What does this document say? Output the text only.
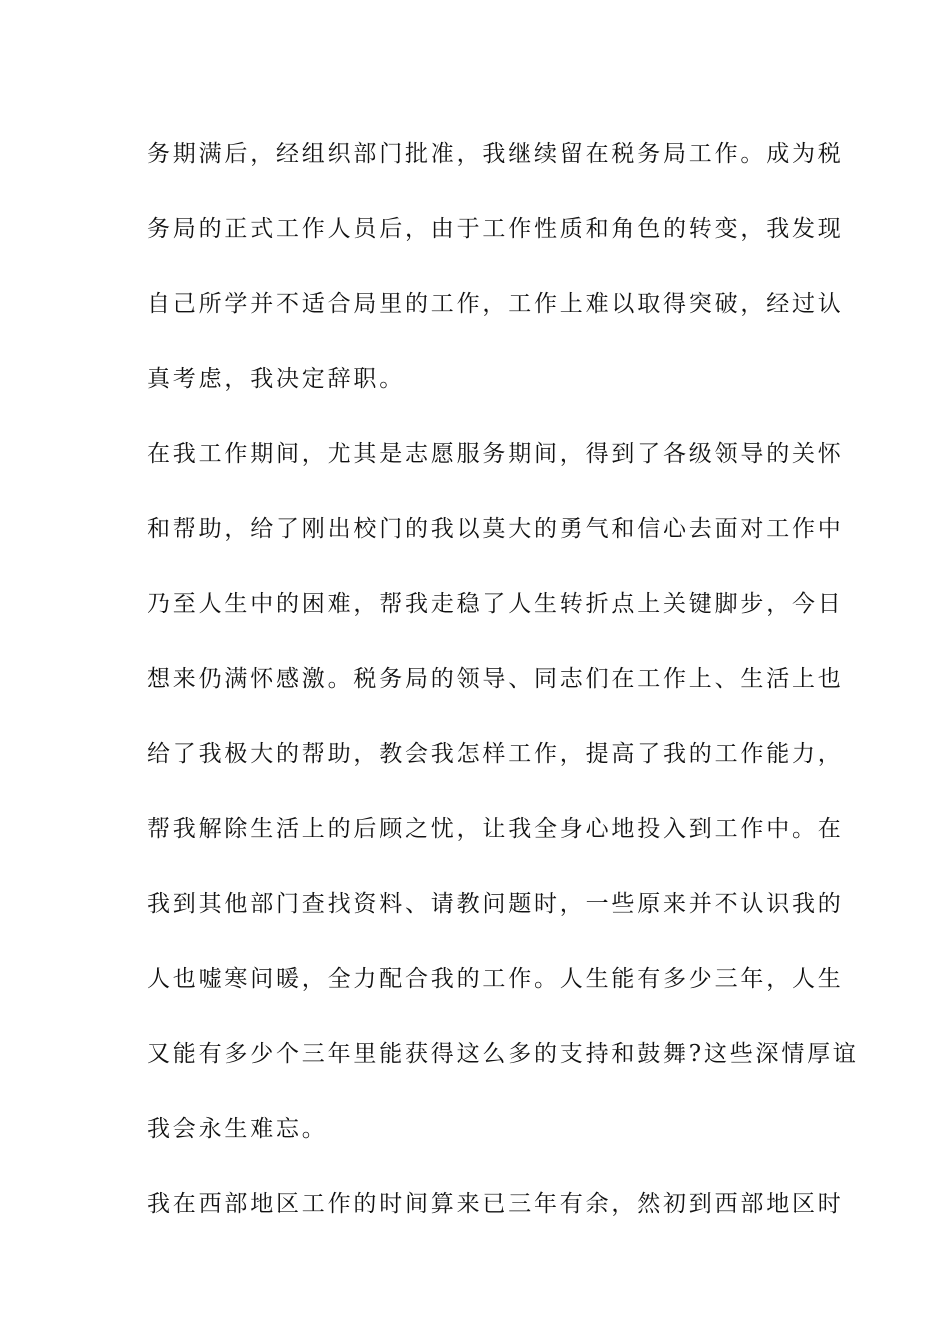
务期满后，经组织部门批准，我继续留在税务局工作。成为税
务局的正式工作人员后，由于工作性质和角色的转变，我发现
自己所学并不适合局里的工作，工作上难以取得突破，经过认
真考虑，我决定辞职。
在我工作期间，尤其是志愿服务期间，得到了各级领导的关怀
和帮助，给了刚出校门的我以莫大的勇气和信心去面对工作中
乃至人生中的困难，帮我走稳了人生转折点上关键脚步，今日
想来仍满怀感激。税务局的领导、同志们在工作上、生活上也
给了我极大的帮助，教会我怎样工作，提高了我的工作能力，
帮我解除生活上的后顾之忧，让我全身心地投入到工作中。在
我到其他部门查找资料、请教问题时，一些原来并不认识我的
人也嘘寒问暖，全力配合我的工作。人生能有多少三年，人生
又能有多少个三年里能获得这么多的支持和鼓舞?这些深情厚谊
我会永生难忘。
我在西部地区工作的时间算来已三年有余，然初到西部地区时
